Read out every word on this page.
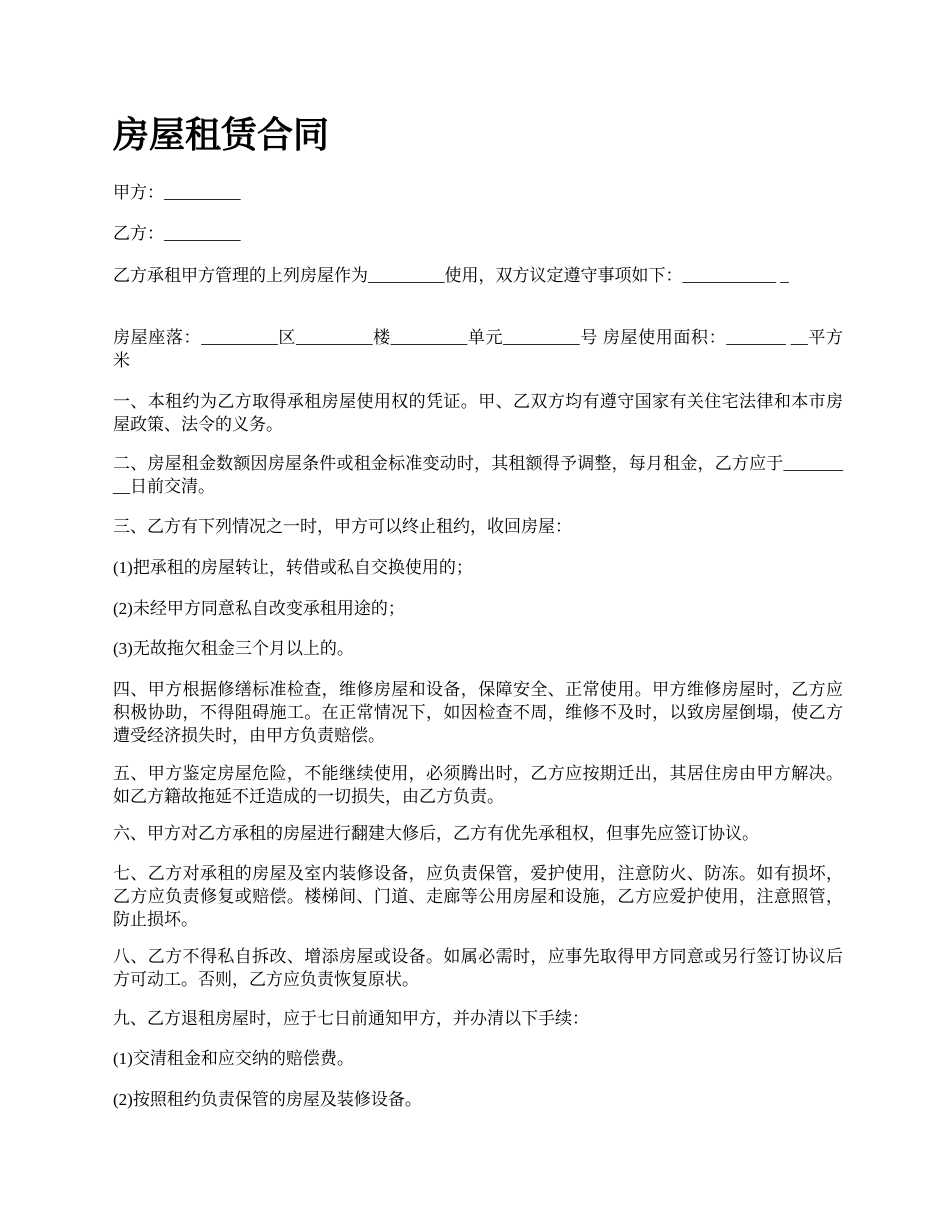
房屋租赁合同

甲方：_________

乙方：_________

乙方承租甲方管理的上列房屋作为_________使用，双方议定遵守事项如下：___________ _

房屋座落：_________区_________楼_________单元_________号 房屋使用面积：_______ __平方米

一、本租约为乙方取得承租房屋使用权的凭证。甲、乙双方均有遵守国家有关住宅法律和本市房屋政策、法令的义务。

二、房屋租金数额因房屋条件或租金标准变动时，其租额得予调整，每月租金，乙方应于_________日前交清。

三、乙方有下列情况之一时，甲方可以终止租约，收回房屋：

(1)把承租的房屋转让，转借或私自交换使用的；

(2)未经甲方同意私自改变承租用途的；

(3)无故拖欠租金三个月以上的。

四、甲方根据修缮标准检查，维修房屋和设备，保障安全、正常使用。甲方维修房屋时，乙方应积极协助，不得阻碍施工。在正常情况下，如因检查不周，维修不及时，以致房屋倒塌，使乙方遭受经济损失时，由甲方负责赔偿。

五、甲方鉴定房屋危险，不能继续使用，必须腾出时，乙方应按期迁出，其居住房由甲方解决。如乙方籍故拖延不迁造成的一切损失，由乙方负责。

六、甲方对乙方承租的房屋进行翻建大修后，乙方有优先承租权，但事先应签订协议。

七、乙方对承租的房屋及室内装修设备，应负责保管，爱护使用，注意防火、防冻。如有损坏，乙方应负责修复或赔偿。楼梯间、门道、走廊等公用房屋和设施，乙方应爱护使用，注意照管，防止损坏。

八、乙方不得私自拆改、增添房屋或设备。如属必需时，应事先取得甲方同意或另行签订协议后方可动工。否则，乙方应负责恢复原状。

九、乙方退租房屋时，应于七日前通知甲方，并办清以下手续：

(1)交清租金和应交纳的赔偿费。

(2)按照租约负责保管的房屋及装修设备。
